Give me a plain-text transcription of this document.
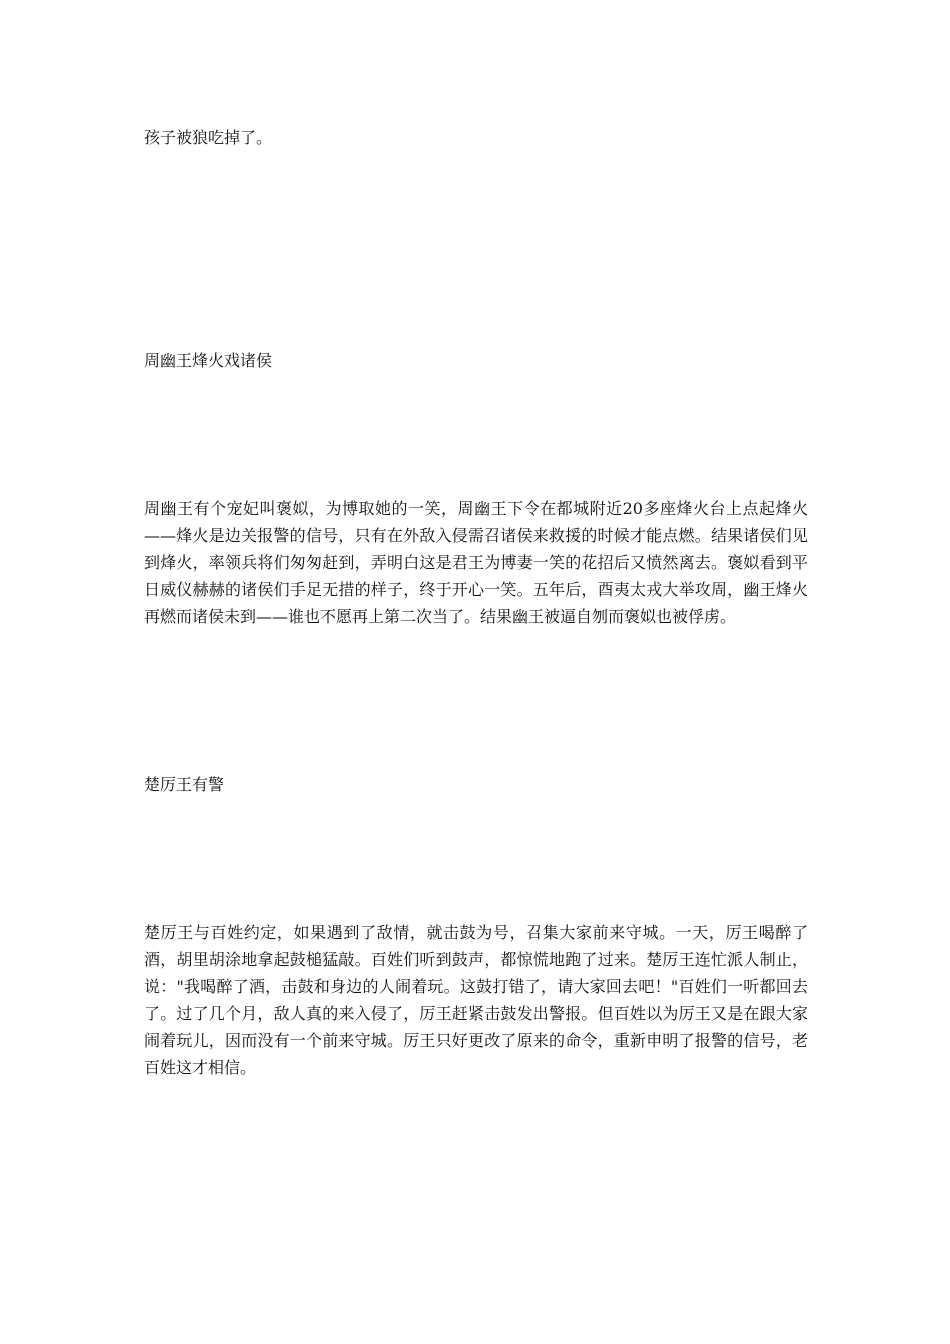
孩子被狼吃掉了。

周幽王烽火戏诸侯

周幽王有个宠妃叫褒姒，为博取她的一笑，周幽王下令在都城附近20多座烽火台上点起烽火——烽火是边关报警的信号，只有在外敌入侵需召诸侯来救援的时候才能点燃。结果诸侯们见到烽火，率领兵将们匆匆赶到，弄明白这是君王为博妻一笑的花招后又愤然离去。褒姒看到平日威仪赫赫的诸侯们手足无措的样子，终于开心一笑。五年后，酉夷太戎大举攻周，幽王烽火再燃而诸侯未到——谁也不愿再上第二次当了。结果幽王被逼自刎而褒姒也被俘虏。

楚厉王有警

楚厉王与百姓约定，如果遇到了敌情，就击鼓为号，召集大家前来守城。一天，厉王喝醉了酒，胡里胡涂地拿起鼓槌猛敲。百姓们听到鼓声，都惊慌地跑了过来。楚厉王连忙派人制止，说："我喝醉了酒，击鼓和身边的人闹着玩。这鼓打错了，请大家回去吧！"百姓们一听都回去了。过了几个月，敌人真的来入侵了，厉王赶紧击鼓发出警报。但百姓以为厉王又是在跟大家闹着玩儿，因而没有一个前来守城。厉王只好更改了原来的命令，重新申明了报警的信号，老百姓这才相信。
